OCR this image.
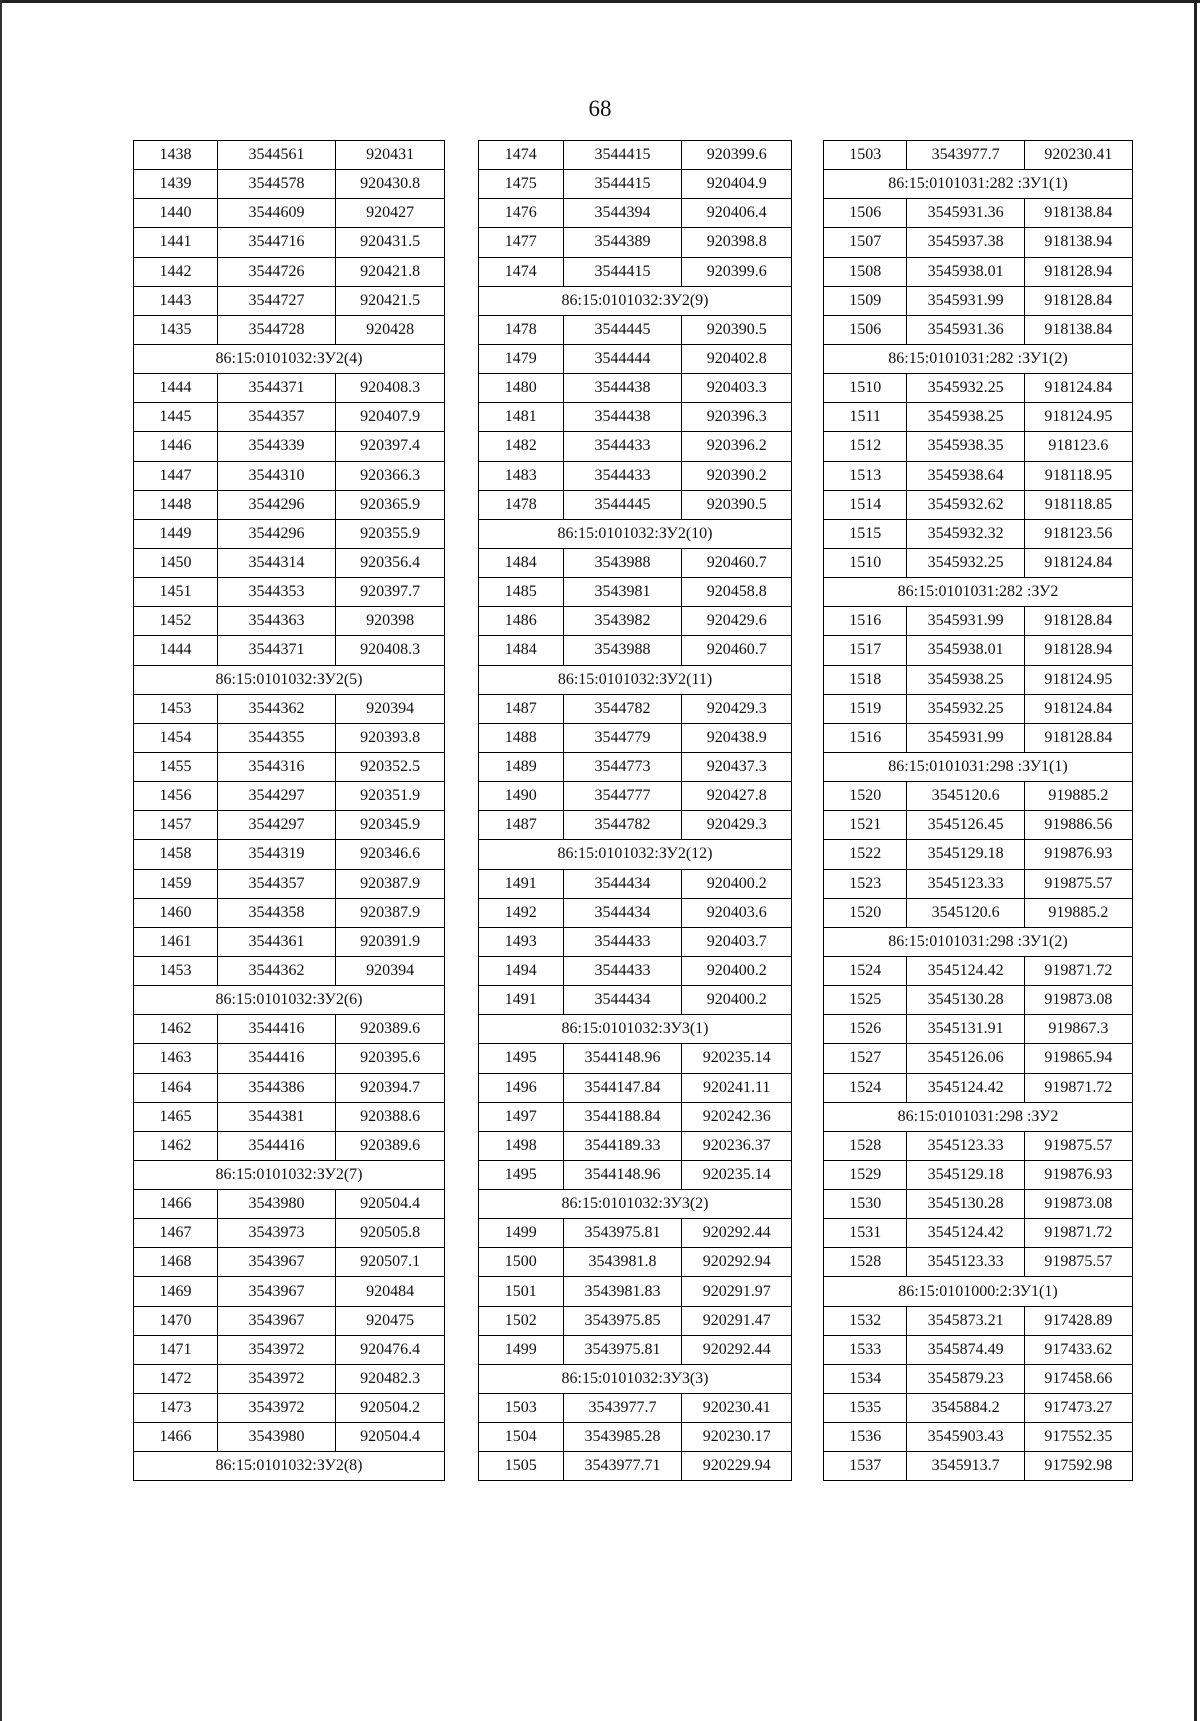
68
1438	3544561	920431
1439	3544578	920430.8
1440	3544609	920427
1441	3544716	920431.5
1442	3544726	920421.8
1443	3544727	920421.5
1435	3544728	920428
86:15:0101032:ЗУ2(4)		
1444	3544371	920408.3
1445	3544357	920407.9
1446	3544339	920397.4
1447	3544310	920366.3
1448	3544296	920365.9
1449	3544296	920355.9
1450	3544314	920356.4
1451	3544353	920397.7
1452	3544363	920398
1444	3544371	920408.3
86:15:0101032:ЗУ2(5)		
1453	3544362	920394
1454	3544355	920393.8
1455	3544316	920352.5
1456	3544297	920351.9
1457	3544297	920345.9
1458	3544319	920346.6
1459	3544357	920387.9
1460	3544358	920387.9
1461	3544361	920391.9
1453	3544362	920394
86:15:0101032:ЗУ2(6)		
1462	3544416	920389.6
1463	3544416	920395.6
1464	3544386	920394.7
1465	3544381	920388.6
1462	3544416	920389.6
86:15:0101032:ЗУ2(7)		
1466	3543980	920504.4
1467	3543973	920505.8
1468	3543967	920507.1
1469	3543967	920484
1470	3543967	920475
1471	3543972	920476.4
1472	3543972	920482.3
1473	3543972	920504.2
1466	3543980	920504.4
86:15:0101032:ЗУ2(8)		
1474	3544415	920399.6
1475	3544415	920404.9
1476	3544394	920406.4
1477	3544389	920398.8
1474	3544415	920399.6
86:15:0101032:ЗУ2(9)		
1478	3544445	920390.5
1479	3544444	920402.8
1480	3544438	920403.3
1481	3544438	920396.3
1482	3544433	920396.2
1483	3544433	920390.2
1478	3544445	920390.5
86:15:0101032:ЗУ2(10)		
1484	3543988	920460.7
1485	3543981	920458.8
1486	3543982	920429.6
1484	3543988	920460.7
86:15:0101032:ЗУ2(11)		
1487	3544782	920429.3
1488	3544779	920438.9
1489	3544773	920437.3
1490	3544777	920427.8
1487	3544782	920429.3
86:15:0101032:ЗУ2(12)		
1491	3544434	920400.2
1492	3544434	920403.6
1493	3544433	920403.7
1494	3544433	920400.2
1491	3544434	920400.2
86:15:0101032:ЗУ3(1)		
1495	3544148.96	920235.14
1496	3544147.84	920241.11
1497	3544188.84	920242.36
1498	3544189.33	920236.37
1495	3544148.96	920235.14
86:15:0101032:ЗУ3(2)		
1499	3543975.81	920292.44
1500	3543981.8	920292.94
1501	3543981.83	920291.97
1502	3543975.85	920291.47
1499	3543975.81	920292.44
86:15:0101032:ЗУ3(3)		
1503	3543977.7	920230.41
1504	3543985.28	920230.17
1505	3543977.71	920229.94
1503	3543977.7	920230.41
86:15:0101031:282 :ЗУ1(1)		
1506	3545931.36	918138.84
1507	3545937.38	918138.94
1508	3545938.01	918128.94
1509	3545931.99	918128.84
1506	3545931.36	918138.84
86:15:0101031:282 :ЗУ1(2)		
1510	3545932.25	918124.84
1511	3545938.25	918124.95
1512	3545938.35	918123.6
1513	3545938.64	918118.95
1514	3545932.62	918118.85
1515	3545932.32	918123.56
1510	3545932.25	918124.84
86:15:0101031:282 :ЗУ2		
1516	3545931.99	918128.84
1517	3545938.01	918128.94
1518	3545938.25	918124.95
1519	3545932.25	918124.84
1516	3545931.99	918128.84
86:15:0101031:298 :ЗУ1(1)		
1520	3545120.6	919885.2
1521	3545126.45	919886.56
1522	3545129.18	919876.93
1523	3545123.33	919875.57
1520	3545120.6	919885.2
86:15:0101031:298 :ЗУ1(2)		
1524	3545124.42	919871.72
1525	3545130.28	919873.08
1526	3545131.91	919867.3
1527	3545126.06	919865.94
1524	3545124.42	919871.72
86:15:0101031:298 :ЗУ2		
1528	3545123.33	919875.57
1529	3545129.18	919876.93
1530	3545130.28	919873.08
1531	3545124.42	919871.72
1528	3545123.33	919875.57
86:15:0101000:2:ЗУ1(1)		
1532	3545873.21	917428.89
1533	3545874.49	917433.62
1534	3545879.23	917458.66
1535	3545884.2	917473.27
1536	3545903.43	917552.35
1537	3545913.7	917592.98
